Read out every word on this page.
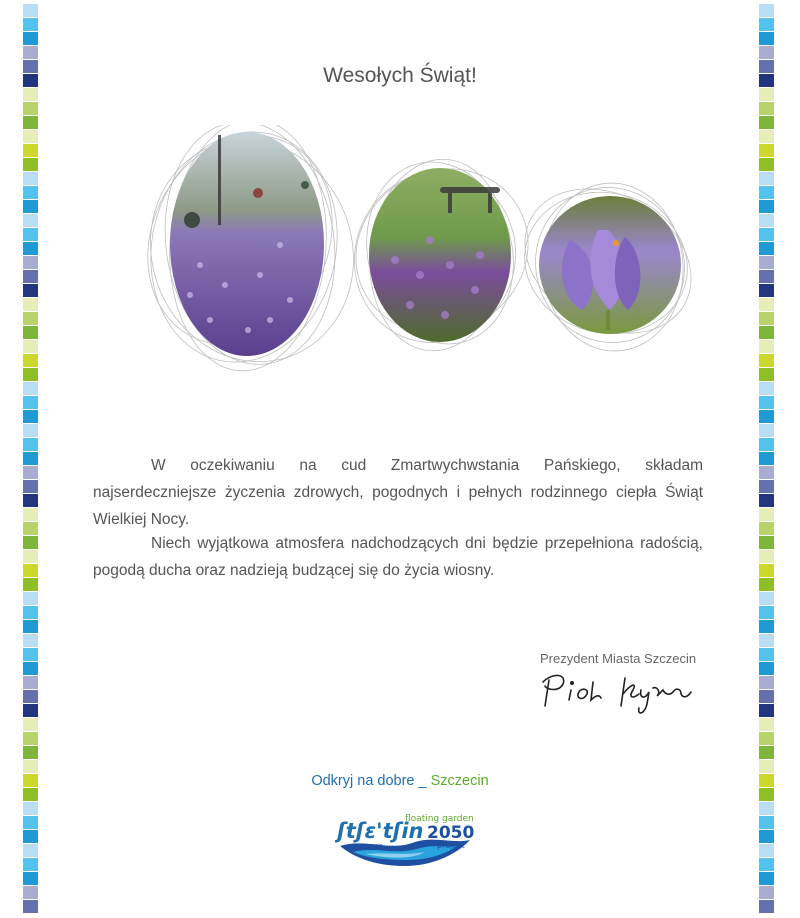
Wesołych Świąt!
W oczekiwaniu na cud Zmartwychwstania Pańskiego, składam najserdeczniejsze życzenia zdrowych, pogodnych i pełnych rodzinnego ciepła Świąt Wielkiej Nocy.
Niech wyjątkowa atmosfera nadchodzących dni będzie przepełniona radością, pogodą ducha oraz nadzieją budzącej się do życia wiosny.
Prezydent Miasta Szczecin
Odkryj na dobre _ Szczecin
floating garden
ʃtʃɛ'tʃin 2050
project
szczecin
